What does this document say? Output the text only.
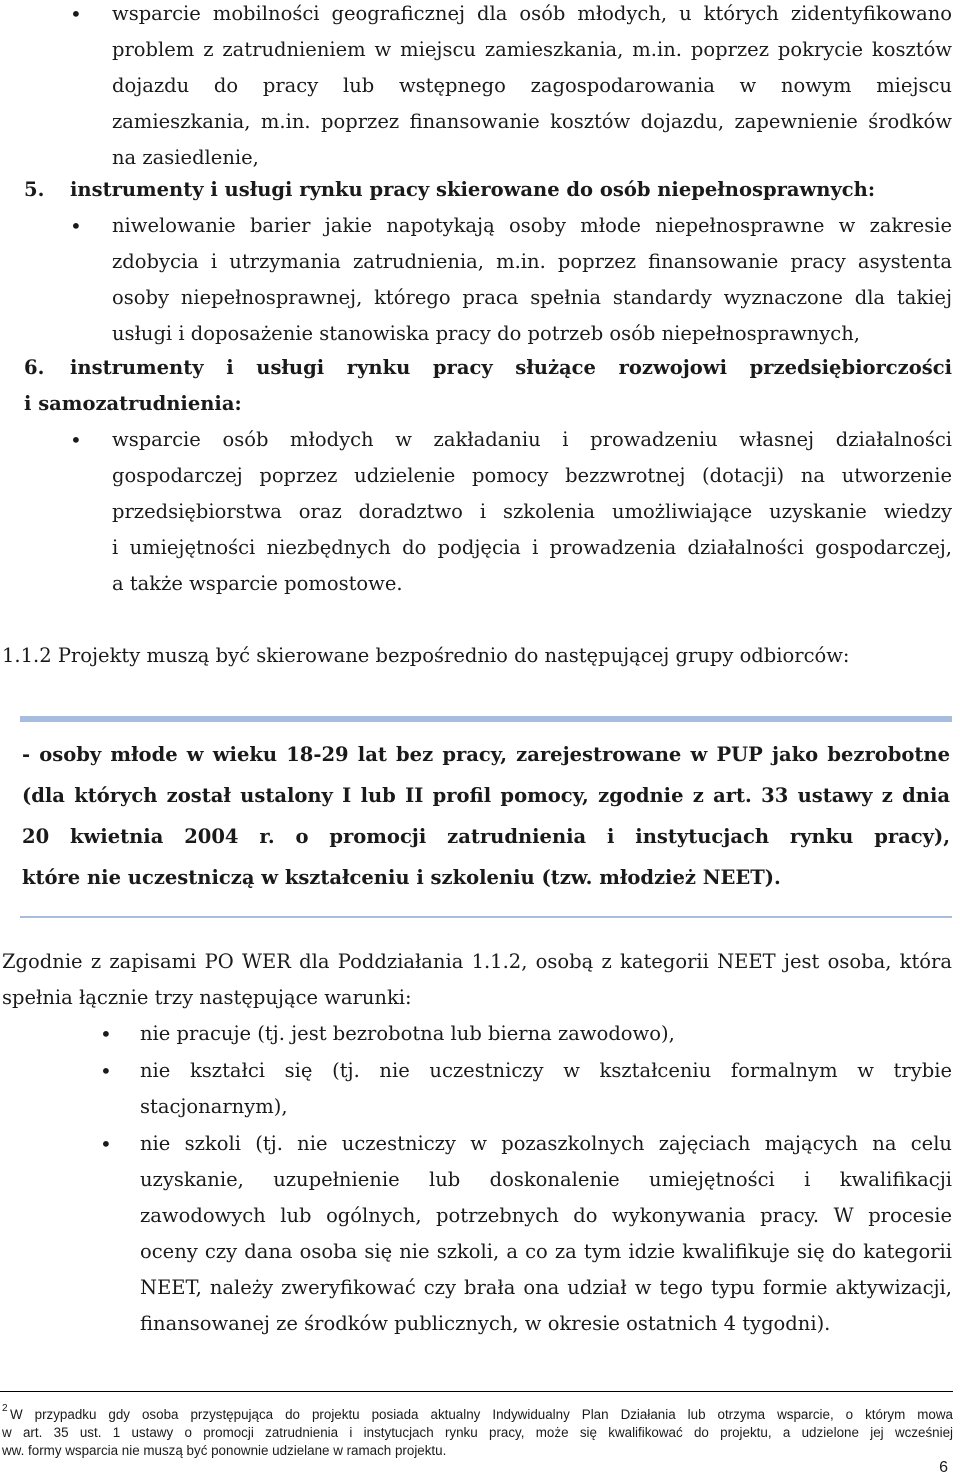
• wsparcie mobilności geograficznej dla osób młodych, u których zidentyfikowano
problem z zatrudnieniem w miejscu zamieszkania, m.in. poprzez pokrycie kosztów
dojazdu do pracy lub wstępnego zagospodarowania w nowym miejscu
zamieszkania, m.in. poprzez finansowanie kosztów dojazdu, zapewnienie środków
na zasiedlenie,
5. instrumenty i usługi rynku pracy skierowane do osób niepełnosprawnych:
• niwelowanie barier jakie napotykają osoby młode niepełnosprawne w zakresie
zdobycia i utrzymania zatrudnienia, m.in. poprzez finansowanie pracy asystenta
osoby niepełnosprawnej, którego praca spełnia standardy wyznaczone dla takiej
usługi i doposażenie stanowiska pracy do potrzeb osób niepełnosprawnych,
6. instrumenty i usługi rynku pracy służące rozwojowi przedsiębiorczości
i samozatrudnienia:
• wsparcie osób młodych w zakładaniu i prowadzeniu własnej działalności
gospodarczej poprzez udzielenie pomocy bezzwrotnej (dotacji) na utworzenie
przedsiębiorstwa oraz doradztwo i szkolenia umożliwiające uzyskanie wiedzy
i umiejętności niezbędnych do podjęcia i prowadzenia działalności gospodarczej,
a także wsparcie pomostowe.
1.1.2 Projekty muszą być skierowane bezpośrednio do następującej grupy odbiorców:
- osoby młode w wieku 18-29 lat bez pracy, zarejestrowane w PUP jako bezrobotne
(dla których został ustalony I lub II profil pomocy, zgodnie z art. 33 ustawy z dnia
20 kwietnia 2004 r. o promocji zatrudnienia i instytucjach rynku pracy),
które nie uczestniczą w kształceniu i szkoleniu (tzw. młodzież NEET).
Zgodnie z zapisami PO WER dla Poddziałania 1.1.2, osobą z kategorii NEET jest osoba, która
spełnia łącznie trzy następujące warunki:
• nie pracuje (tj. jest bezrobotna lub bierna zawodowo),
• nie kształci się (tj. nie uczestniczy w kształceniu formalnym w trybie
stacjonarnym),
• nie szkoli (tj. nie uczestniczy w pozaszkolnych zajęciach mających na celu
uzyskanie, uzupełnienie lub doskonalenie umiejętności i kwalifikacji
zawodowych lub ogólnych, potrzebnych do wykonywania pracy. W procesie
oceny czy dana osoba się nie szkoli, a co za tym idzie kwalifikuje się do kategorii
NEET, należy zweryfikować czy brała ona udział w tego typu formie aktywizacji,
finansowanej ze środków publicznych, w okresie ostatnich 4 tygodni).
2 W przypadku gdy osoba przystępująca do projektu posiada aktualny Indywidualny Plan Działania lub otrzyma wsparcie, o którym mowa
w art. 35 ust. 1 ustawy o promocji zatrudnienia i instytucjach rynku pracy, może się kwalifikować do projektu, a udzielone jej wcześniej
ww. formy wsparcia nie muszą być ponownie udzielane w ramach projektu.
6
